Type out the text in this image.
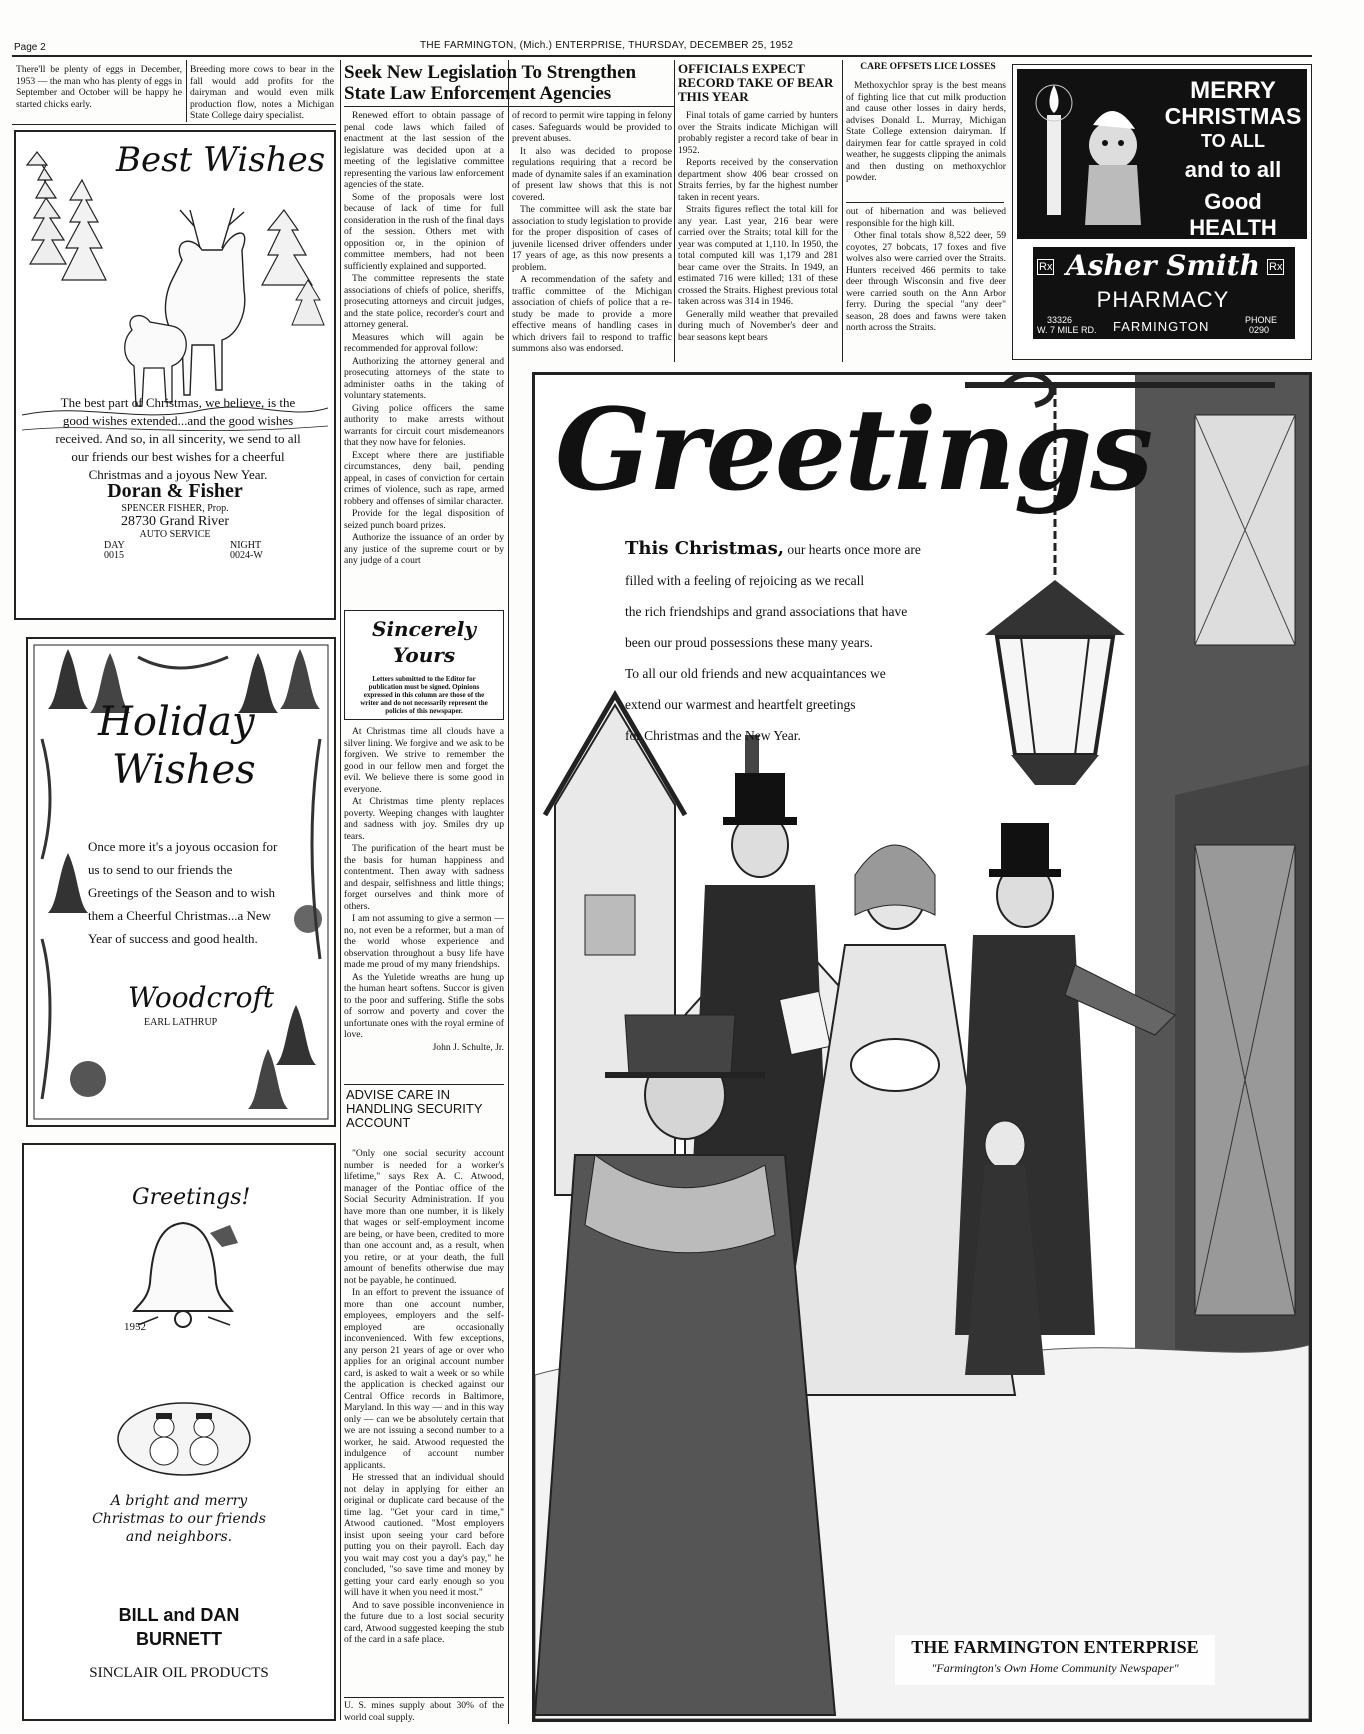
Page 2	THE FARMINGTON, (Mich.) ENTERPRISE, THURSDAY, DECEMBER 25, 1952
There'll be plenty of eggs in December, 1953 — the man who has plenty of eggs in September and October will be happy he started chicks early.
Breeding more cows to bear in the fall would add profits for the dairyman and would even milk production flow, notes a Michigan State College dairy specialist.
Best Wishes
The best part of Christmas, we believe, is the good wishes extended...and the good wishes received. And so, in all sincerity, we send to all our friends our best wishes for a cheerful Christmas and a joyous New Year.
Doran & Fisher
SPENCER FISHER, Prop.
28730 Grand River
AUTO SERVICE
DAY
0015
NIGHT
0024-W
Holiday
Wishes
Once more it's a joyous occasion for us to send to our friends the Greetings of the Season and to wish them a Cheerful Christmas...a New Year of success and good health.
Woodcroft
EARL LATHRUP
Greetings!
1952
A bright and merry
Christmas to our friends
and neighbors.
BILL and DAN
BURNETT
SINCLAIR OIL PRODUCTS
Seek New Legislation To Strengthen State Law Enforcement Agencies

Renewed effort to obtain passage of penal code laws which failed of enactment at the last session of the legislature was decided upon at a meeting of the legislative committee representing the various law enforcement agencies of the state.

Some of the proposals were lost because of lack of time for full consideration in the rush of the final days of the session. Others met with opposition or, in the opinion of committee members, had not been sufficiently explained and supported.

The committee represents the state associations of chiefs of police, sheriffs, prosecuting attorneys and circuit judges, and the state police, recorder's court and attorney general.

Measures which will again be recommended for approval follow:

Authorizing the attorney general and prosecuting attorneys of the state to administer oaths in the taking of voluntary statements.

Giving police officers the same authority to make arrests without warrants for circuit court misdemeanors that they now have for felonies.

Except where there are justifiable circumstances, deny bail, pending appeal, in cases of conviction for certain crimes of violence, such as rape, armed robbery and offenses of similar character.

Provide for the legal disposition of seized punch board prizes.

Authorize the issuance of an order by any justice of the supreme court or by any judge of a court

of record to permit wire tapping in felony cases. Safeguards would be provided to prevent abuses.

It also was decided to propose regulations requiring that a record be made of dynamite sales if an examination of present law shows that this is not covered.

The committee will ask the state bar association to study legislation to provide for the proper disposition of cases of juvenile licensed driver offenders under 17 years of age, as this now presents a problem.

A recommendation of the safety and traffic committee of the Michigan association of chiefs of police that a re-study be made to provide a more effective means of handling cases in which drivers fail to respond to traffic summons also was endorsed.

OFFICIALS EXPECT RECORD TAKE OF BEAR THIS YEAR

Final totals of game carried by hunters over the Straits indicate Michigan will probably register a record take of bear in 1952.

Reports received by the conservation department show 406 bear crossed on Straits ferries, by far the highest number taken in recent years.

Straits figures reflect the total kill for any year. Last year, 216 bear were carried over the Straits; total kill for the year was computed at 1,110. In 1950, the total computed kill was 1,179 and 281 bear came over the Straits. In 1949, an estimated 716 were killed; 131 of these crossed the Straits. Highest previous total taken across was 314 in 1946.

Generally mild weather that prevailed during much of November's deer and bear seasons kept bears

CARE OFFSETS LICE LOSSES

Methoxychlor spray is the best means of fighting lice that cut milk production and cause other losses in dairy herds, advises Donald L. Murray, Michigan State College extension dairyman. If dairymen fear for cattle sprayed in cold weather, he suggests clipping the animals and then dusting on methoxychlor powder.

out of hibernation and was believed responsible for the high kill.

Other final totals show 8,522 deer, 59 coyotes, 27 bobcats, 17 foxes and five wolves also were carried over the Straits. Hunters received 466 permits to take deer through Wisconsin and five deer were carried south on the Ann Arbor ferry. During the special "any deer" season, 28 does and fawns were taken north across the Straits.

MERRY
CHRISTMAS
TO ALL
and to all
Good HEALTH
Rx	Rx
Asher Smith
PHARMACY
33326
W. 7 MILE RD. FARMINGTON	PHONE
0290
Sincerely
Yours
Letters submitted to the Editor for publication must be signed. Opinions expressed in this column are those of the writer and do not necessarily represent the policies of this newspaper.

At Christmas time all clouds have a silver lining. We forgive and we ask to be forgiven. We strive to remember the good in our fellow men and forget the evil. We believe there is some good in everyone.

At Christmas time plenty replaces poverty. Weeping changes with laughter and sadness with joy. Smiles dry up tears.

The purification of the heart must be the basis for human happiness and contentment. Then away with sadness and despair, selfishness and little things; forget ourselves and think more of others.

I am not assuming to give a sermon — no, not even be a reformer, but a man of the world whose experience and observation throughout a busy life have made me proud of my many friendships.

As the Yuletide wreaths are hung up the human heart softens. Succor is given to the poor and suffering. Stifle the sobs of sorrow and poverty and cover the unfortunate ones with the royal ermine of love.

John J. Schulte, Jr.

ADVISE CARE IN HANDLING SECURITY ACCOUNT

"Only one social security account number is needed for a worker's lifetime," says Rex A. C. Atwood, manager of the Pontiac office of the Social Security Administration. If you have more than one number, it is likely that wages or self-employment income are being, or have been, credited to more than one account and, as a result, when you retire, or at your death, the full amount of benefits otherwise due may not be payable, he continued.

In an effort to prevent the issuance of more than one account number, employees, employers and the self-employed are occasionally inconvenienced. With few exceptions, any person 21 years of age or over who applies for an original account number card, is asked to wait a week or so while the application is checked against our Central Office records in Baltimore, Maryland. In this way — and in this way only — can we be absolutely certain that we are not issuing a second number to a worker, he said. Atwood requested the indulgence of account number applicants.

He stressed that an individual should not delay in applying for either an original or duplicate card because of the time lag. "Get your card in time," Atwood cautioned. "Most employers insist upon seeing your card before putting you on their payroll. Each day you wait may cost you a day's pay," he concluded, "so save time and money by getting your card early enough so you will have it when you need it most."

And to save possible inconvenience in the future due to a lost social security card, Atwood suggested keeping the stub of the card in a safe place.

U. S. mines supply about 30% of the world coal supply.
Greetings
This Christmas, our hearts once more are
filled with a feeling of rejoicing as we recall
the rich friendships and grand associations that have
been our proud possessions these many years.
To all our old friends and new acquaintances we
extend our warmest and heartfelt greetings
for Christmas and the New Year.
THE FARMINGTON ENTERPRISE
"Farmington's Own Home Community Newspaper"
